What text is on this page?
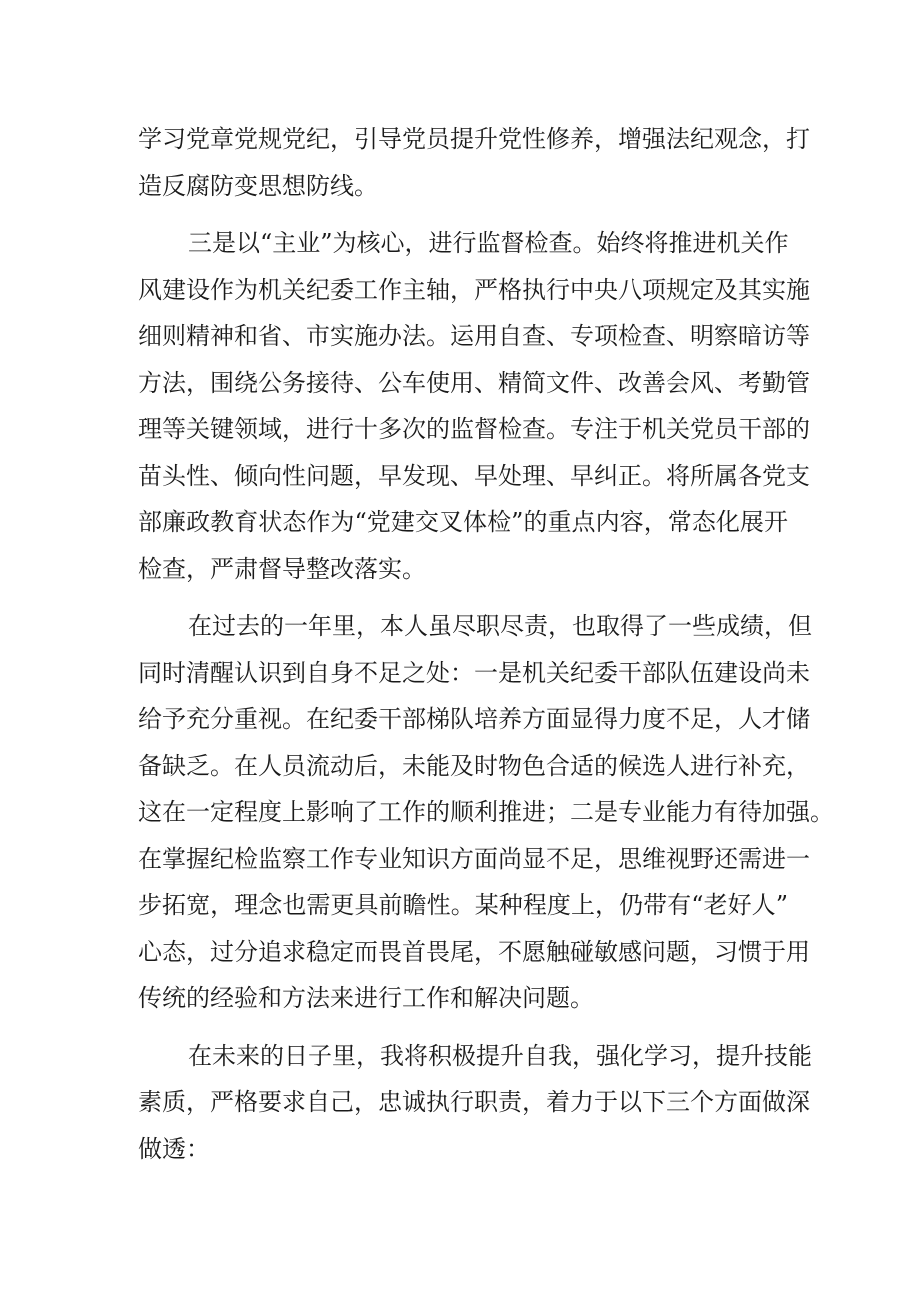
学习党章党规党纪，引导党员提升党性修养，增强法纪观念，打
造反腐防变思想防线。

三是以“主业”为核心，进行监督检查。始终将推进机关作
风建设作为机关纪委工作主轴，严格执行中央八项规定及其实施
细则精神和省、市实施办法。运用自查、专项检查、明察暗访等
方法，围绕公务接待、公车使用、精简文件、改善会风、考勤管
理等关键领域，进行十多次的监督检查。专注于机关党员干部的
苗头性、倾向性问题，早发现、早处理、早纠正。将所属各党支
部廉政教育状态作为“党建交叉体检”的重点内容，常态化展开
检查，严肃督导整改落实。

在过去的一年里，本人虽尽职尽责，也取得了一些成绩，但
同时清醒认识到自身不足之处：一是机关纪委干部队伍建设尚未
给予充分重视。在纪委干部梯队培养方面显得力度不足，人才储
备缺乏。在人员流动后，未能及时物色合适的候选人进行补充，
这在一定程度上影响了工作的顺利推进；二是专业能力有待加强。
在掌握纪检监察工作专业知识方面尚显不足，思维视野还需进一
步拓宽，理念也需更具前瞻性。某种程度上，仍带有“老好人”
心态，过分追求稳定而畏首畏尾，不愿触碰敏感问题，习惯于用
传统的经验和方法来进行工作和解决问题。

在未来的日子里，我将积极提升自我，强化学习，提升技能
素质，严格要求自己，忠诚执行职责，着力于以下三个方面做深
做透：
